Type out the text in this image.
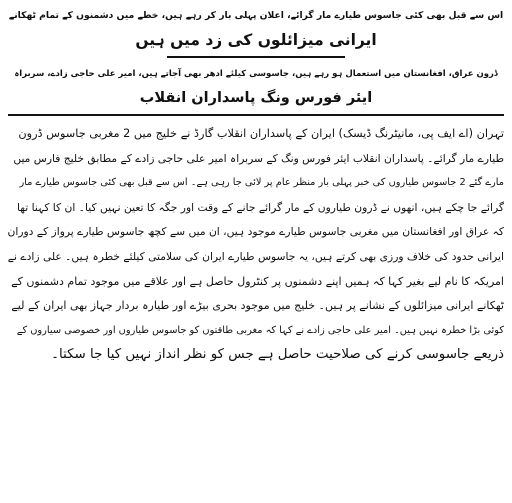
اس سے قبل بھی کئی جاسوس طیارے مار گرائے، اعلان پہلی بار کر رہے ہیں، خطے میں دشمنوں کے تمام ٹھکانے

ایرانی میزائلوں کی زد میں ہیں

ڈرون عراق، افغانستان میں استعمال ہو رہے ہیں، جاسوسی کیلئے ادھر بھی آجاتے ہیں، امیر علی حاجی زادے، سربراہ

ایئر فورس ونگ پاسداران انقلاب

تہران (اے ایف پی، مانیٹرنگ ڈیسک) ایران کے پاسداران انقلاب گارڈ نے خلیج میں 2 مغربی جاسوس ڈرون

طیارے مار گرائے۔ پاسداران انقلاب ایئر فورس ونگ کے سربراہ امیر علی حاجی زادے کے مطابق خلیج فارس میں

مارے گئے 2 جاسوس طیاروں کی خبر پہلی بار منظر عام پر لائی جا رہی ہے۔ اس سے قبل بھی کئی جاسوس طیارے مار

گرائے جا چکے ہیں، انھوں نے ڈرون طیاروں کے مار گرائے جانے کے وقت اور جگہ کا تعین نہیں کیا۔ ان کا کہنا تھا

کہ عراق اور افغانستان میں مغربی جاسوس طیارے موجود ہیں، ان میں سے کچھ جاسوس طیارے پرواز کے دوران

ایرانی حدود کی خلاف ورزی بھی کرتے ہیں، یہ جاسوس طیارے ایران کی سلامتی کیلئے خطرہ ہیں۔ علی زادے نے

امریکہ کا نام لیے بغیر کہا کہ ہمیں اپنے دشمنوں پر کنٹرول حاصل ہے اور علاقے میں موجود تمام دشمنوں کے

ٹھکانے ایرانی میزائلوں کے نشانے پر ہیں۔ خلیج میں موجود بحری بیڑے اور طیارہ بردار جہاز بھی ایران کے لیے

کوئی بڑا خطرہ نہیں ہیں۔ امیر علی حاجی زادے نے کہا کہ مغربی طاقتوں کو جاسوس طیاروں اور خصوصی سیاروں کے

ذریعے جاسوسی کرنے کی صلاحیت حاصل ہے جس کو نظر انداز نہیں کیا جا سکتا۔
